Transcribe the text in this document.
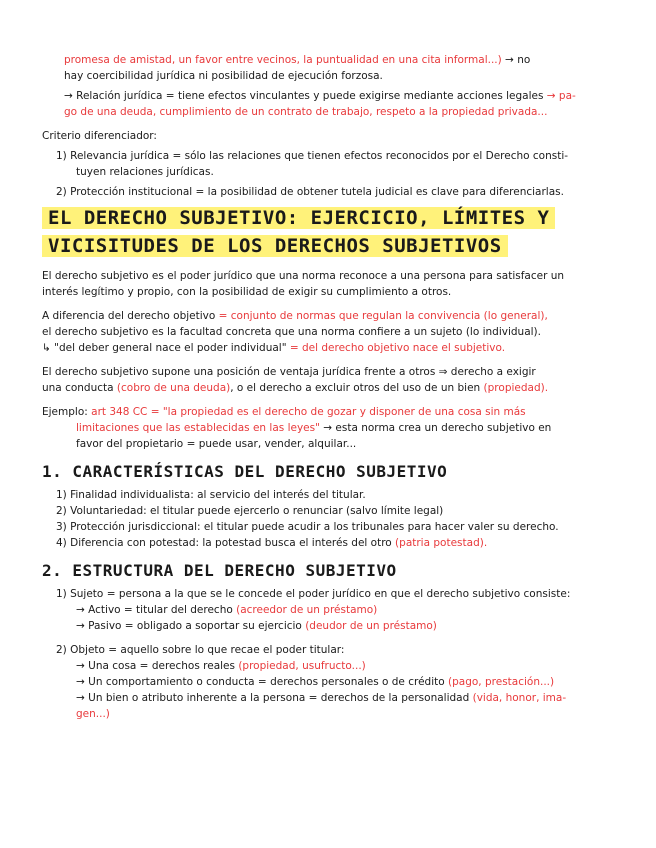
promesa de amistad, un favor entre vecinos, la puntualidad en una cita informal...) → no

hay coercibilidad jurídica ni posibilidad de ejecución forzosa.

→ Relación jurídica = tiene efectos vinculantes y puede exigirse mediante acciones legales → pa-

go de una deuda, cumplimiento de un contrato de trabajo, respeto a la propiedad privada...

Criterio diferenciador:

1) Relevancia jurídica = sólo las relaciones que tienen efectos reconocidos por el Derecho consti-

tuyen relaciones jurídicas.

2) Protección institucional = la posibilidad de obtener tutela judicial es clave para diferenciarlas.

EL DERECHO SUBJETIVO: EJERCICIO, LÍMITES Y VICISITUDES DE LOS DERECHOS SUBJETIVOS

El derecho subjetivo es el poder jurídico que una norma reconoce a una persona para satisfacer un

interés legítimo y propio, con la posibilidad de exigir su cumplimiento a otros.

A diferencia del derecho objetivo = conjunto de normas que regulan la convivencia (lo general),

el derecho subjetivo es la facultad concreta que una norma confiere a un sujeto (lo individual).

↳ "del deber general nace el poder individual" = del derecho objetivo nace el subjetivo.

El derecho subjetivo supone una posición de ventaja jurídica frente a otros ⇒ derecho a exigir

una conducta (cobro de una deuda), o el derecho a excluir otros del uso de un bien (propiedad).

Ejemplo: art 348 CC = "la propiedad es el derecho de gozar y disponer de una cosa sin más

limitaciones que las establecidas en las leyes" → esta norma crea un derecho subjetivo en

favor del propietario = puede usar, vender, alquilar...

1. CARACTERÍSTICAS DEL DERECHO SUBJETIVO

1) Finalidad individualista: al servicio del interés del titular.

2) Voluntariedad: el titular puede ejercerlo o renunciar (salvo límite legal)

3) Protección jurisdiccional: el titular puede acudir a los tribunales para hacer valer su derecho.

4) Diferencia con potestad: la potestad busca el interés del otro (patria potestad).

2. ESTRUCTURA DEL DERECHO SUBJETIVO

1) Sujeto = persona a la que se le concede el poder jurídico en que el derecho subjetivo consiste:

→ Activo = titular del derecho (acreedor de un préstamo)

→ Pasivo = obligado a soportar su ejercicio (deudor de un préstamo)

2) Objeto = aquello sobre lo que recae el poder titular:

→ Una cosa = derechos reales (propiedad, usufructo...)

→ Un comportamiento o conducta = derechos personales o de crédito (pago, prestación...)

→ Un bien o atributo inherente a la persona = derechos de la personalidad (vida, honor, ima-

gen...)
